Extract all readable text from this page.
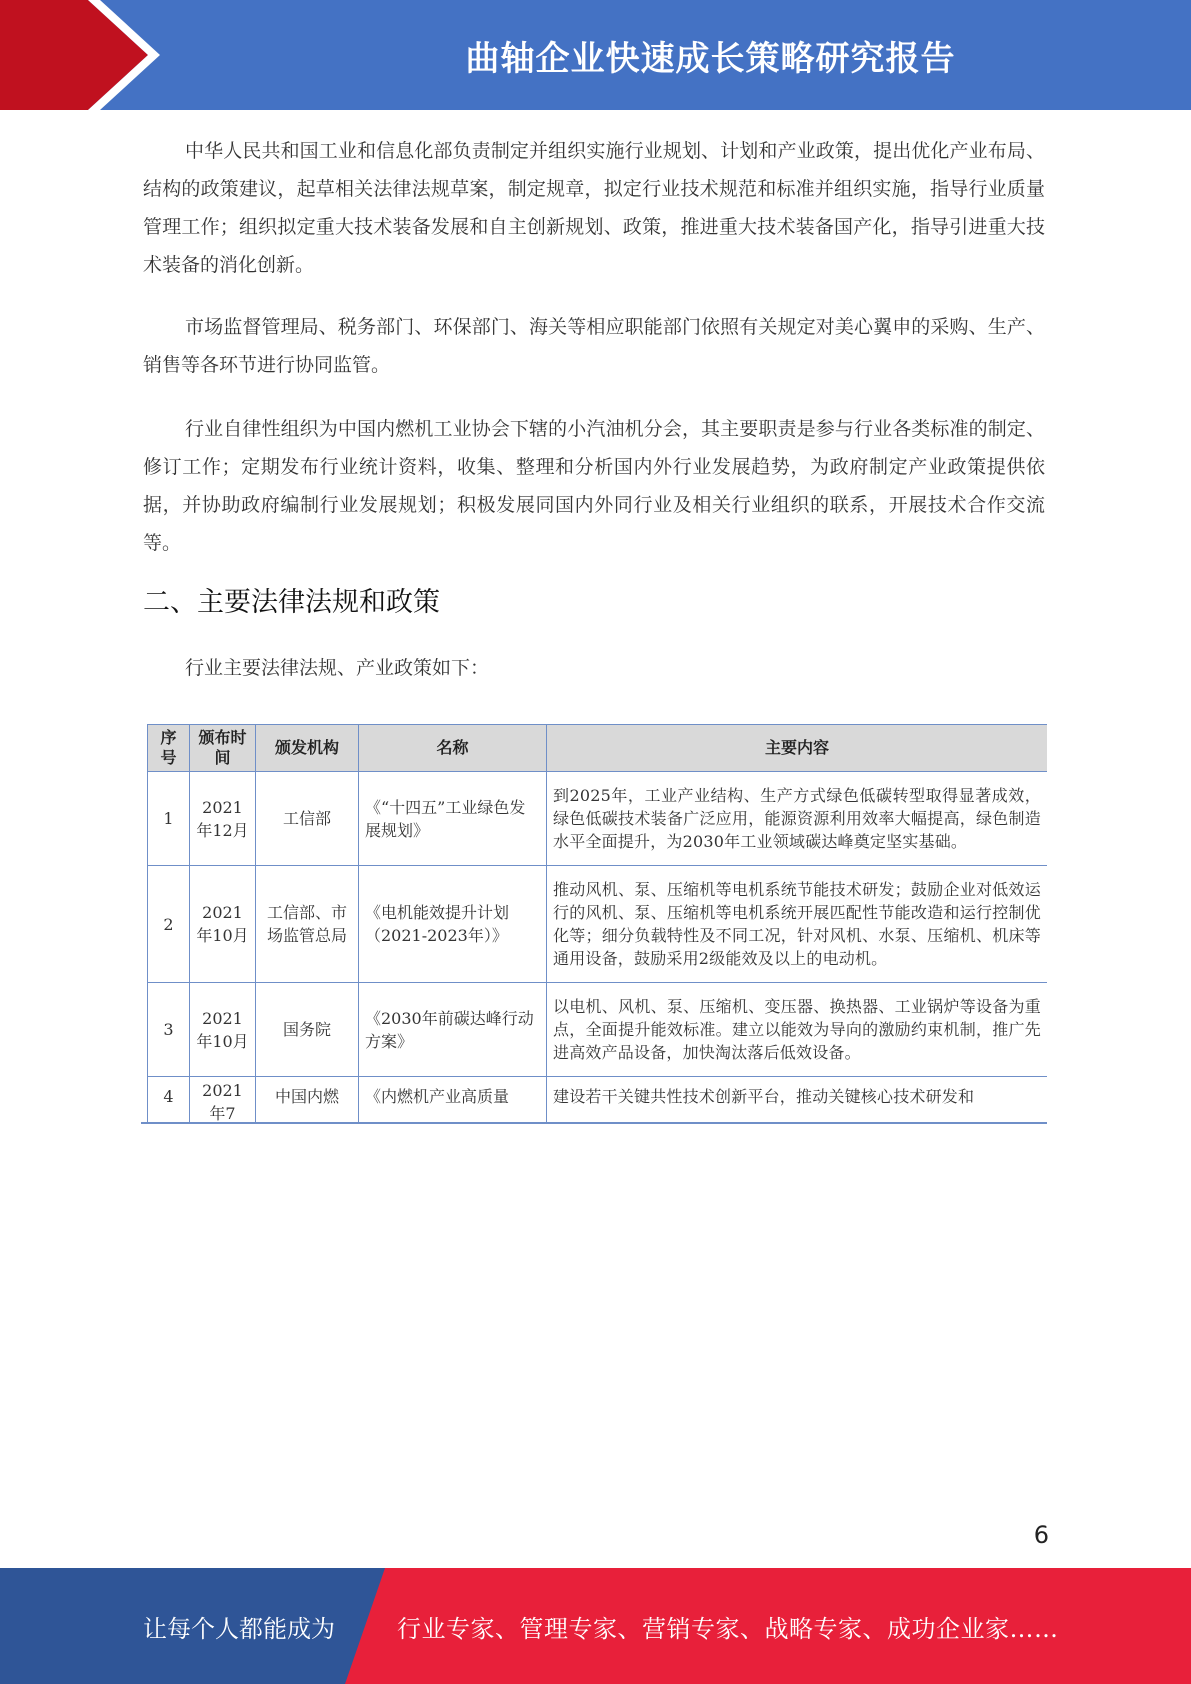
曲轴企业快速成长策略研究报告

中华人民共和国工业和信息化部负责制定并组织实施行业规划、计划和产业政策，提出优化产业布局、结构的政策建议，起草相关法律法规草案，制定规章，拟定行业技术规范和标准并组织实施，指导行业质量管理工作；组织拟定重大技术装备发展和自主创新规划、政策，推进重大技术装备国产化，指导引进重大技术装备的消化创新。

市场监督管理局、税务部门、环保部门、海关等相应职能部门依照有关规定对美心翼申的采购、生产、销售等各环节进行协同监管。

行业自律性组织为中国内燃机工业协会下辖的小汽油机分会，其主要职责是参与行业各类标准的制定、修订工作；定期发布行业统计资料，收集、整理和分析国内外行业发展趋势，为政府制定产业政策提供依据，并协助政府编制行业发展规划；积极发展同国内外同行业及相关行业组织的联系，开展技术合作交流等。

二、主要法律法规和政策

行业主要法律法规、产业政策如下：

序号	颁布时间	颁发机构	名称	主要内容
1	2021年12月	工信部	《“十四五”工业绿色发展规划》	到2025年，工业产业结构、生产方式绿色低碳转型取得显著成效，绿色低碳技术装备广泛应用，能源资源利用效率大幅提高，绿色制造水平全面提升，为2030年工业领域碳达峰奠定坚实基础。
2	2021年10月	工信部、市场监管总局	《电机能效提升计划（2021-2023年）》	推动风机、泵、压缩机等电机系统节能技术研发；鼓励企业对低效运行的风机、泵、压缩机等电机系统开展匹配性节能改造和运行控制优化等；细分负载特性及不同工况，针对风机、水泵、压缩机、机床等通用设备，鼓励采用2级能效及以上的电动机。
3	2021年10月	国务院	《2030年前碳达峰行动方案》	以电机、风机、泵、压缩机、变压器、换热器、工业锅炉等设备为重点，全面提升能效标准。建立以能效为导向的激励约束机制，推广先进高效产品设备，加快淘汰落后低效设备。
4	2021年7	中国内燃	《内燃机产业高质量	建设若干关键共性技术创新平台，推动关键核心技术研发和
6
让每个人都能成为	行业专家、管理专家、营销专家、战略专家、成功企业家……
